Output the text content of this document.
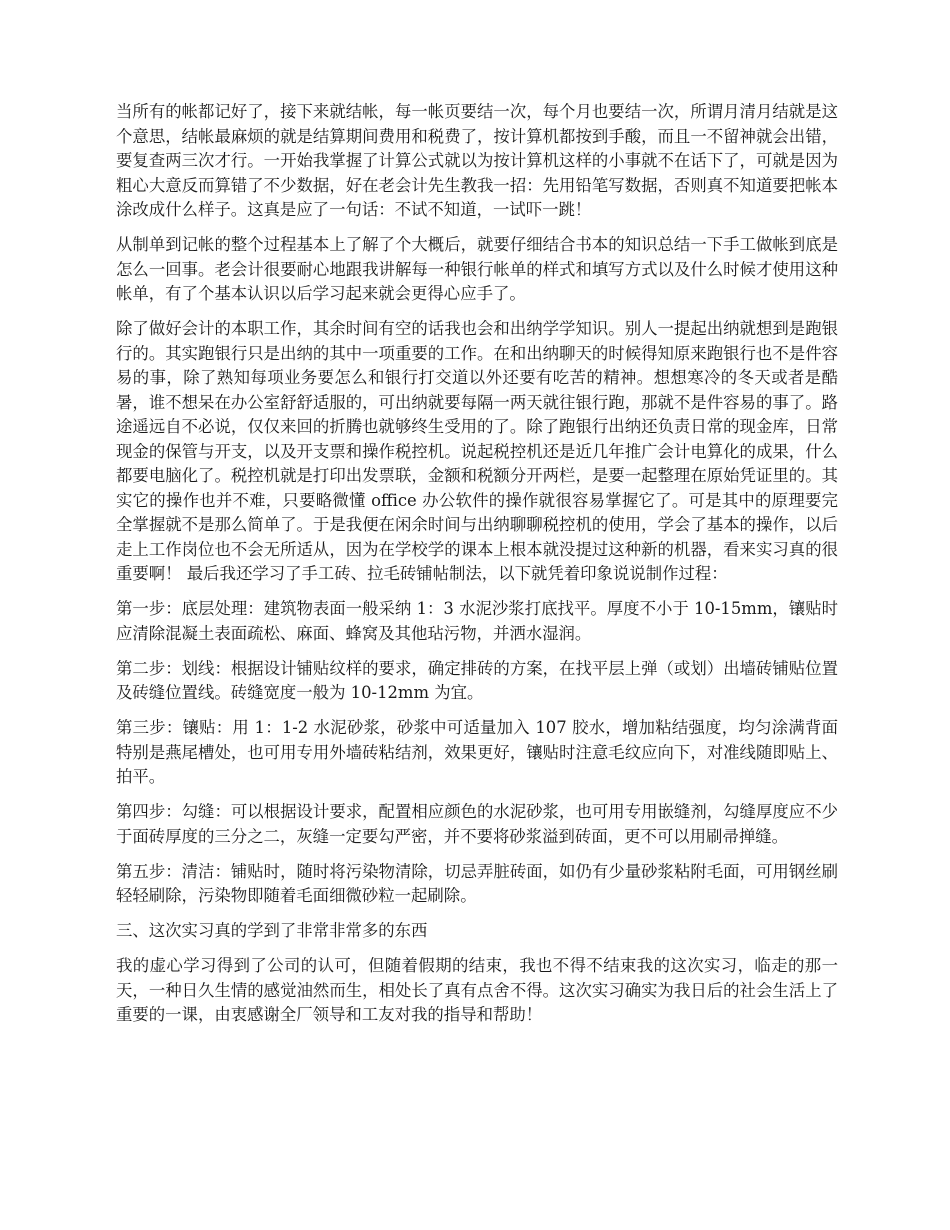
当所有的帐都记好了，接下来就结帐，每一帐页要结一次，每个月也要结一次，所谓月清月结就是这个意思，结帐最麻烦的就是结算期间费用和税费了，按计算机都按到手酸，而且一不留神就会出错，要复查两三次才行。一开始我掌握了计算公式就以为按计算机这样的小事就不在话下了，可就是因为粗心大意反而算错了不少数据，好在老会计先生教我一招：先用铅笔写数据，否则真不知道要把帐本涂改成什么样子。这真是应了一句话：不试不知道，一试吓一跳！

从制单到记帐的整个过程基本上了解了个大概后，就要仔细结合书本的知识总结一下手工做帐到底是怎么一回事。老会计很要耐心地跟我讲解每一种银行帐单的样式和填写方式以及什么时候才使用这种帐单，有了个基本认识以后学习起来就会更得心应手了。

除了做好会计的本职工作，其余时间有空的话我也会和出纳学学知识。别人一提起出纳就想到是跑银行的。其实跑银行只是出纳的其中一项重要的工作。在和出纳聊天的时候得知原来跑银行也不是件容易的事，除了熟知每项业务要怎么和银行打交道以外还要有吃苦的精神。想想寒冷的冬天或者是酷暑，谁不想呆在办公室舒舒适服的，可出纳就要每隔一两天就往银行跑，那就不是件容易的事了。路途遥远自不必说，仅仅来回的折腾也就够终生受用的了。除了跑银行出纳还负责日常的现金库，日常现金的保管与开支，以及开支票和操作税控机。说起税控机还是近几年推广会计电算化的成果，什么都要电脑化了。税控机就是打印出发票联，金额和税额分开两栏，是要一起整理在原始凭证里的。其实它的操作也并不难，只要略微懂 office 办公软件的操作就很容易掌握它了。可是其中的原理要完全掌握就不是那么简单了。于是我便在闲余时间与出纳聊聊税控机的使用，学会了基本的操作，以后走上工作岗位也不会无所适从，因为在学校学的课本上根本就没提过这种新的机器，看来实习真的很重要啊！ 最后我还学习了手工砖、拉毛砖铺帖制法，以下就凭着印象说说制作过程：

第一步：底层处理：建筑物表面一般采纳 1：3 水泥沙浆打底找平。厚度不小于 10-15mm，镶贴时应清除混凝土表面疏松、麻面、蜂窝及其他玷污物，并洒水湿润。

第二步：划线：根据设计铺贴纹样的要求，确定排砖的方案，在找平层上弹（或划）出墙砖铺贴位置及砖缝位置线。砖缝宽度一般为 10-12mm 为宜。

第三步：镶贴：用 1：1-2 水泥砂浆，砂浆中可适量加入 107 胶水，增加粘结强度，均匀涂满背面特别是燕尾槽处，也可用专用外墙砖粘结剂，效果更好，镶贴时注意毛纹应向下，对准线随即贴上、拍平。

第四步：勾缝：可以根据设计要求，配置相应颜色的水泥砂浆，也可用专用嵌缝剂，勾缝厚度应不少于面砖厚度的三分之二，灰缝一定要勾严密，并不要将砂浆溢到砖面，更不可以用刷帚掸缝。

第五步：清洁：铺贴时，随时将污染物清除，切忌弄脏砖面，如仍有少量砂浆粘附毛面，可用钢丝刷轻轻刷除，污染物即随着毛面细微砂粒一起刷除。

三、这次实习真的学到了非常非常多的东西

我的虚心学习得到了公司的认可，但随着假期的结束，我也不得不结束我的这次实习，临走的那一天，一种日久生情的感觉油然而生，相处长了真有点舍不得。这次实习确实为我日后的社会生活上了重要的一课，由衷感谢全厂领导和工友对我的指导和帮助！
